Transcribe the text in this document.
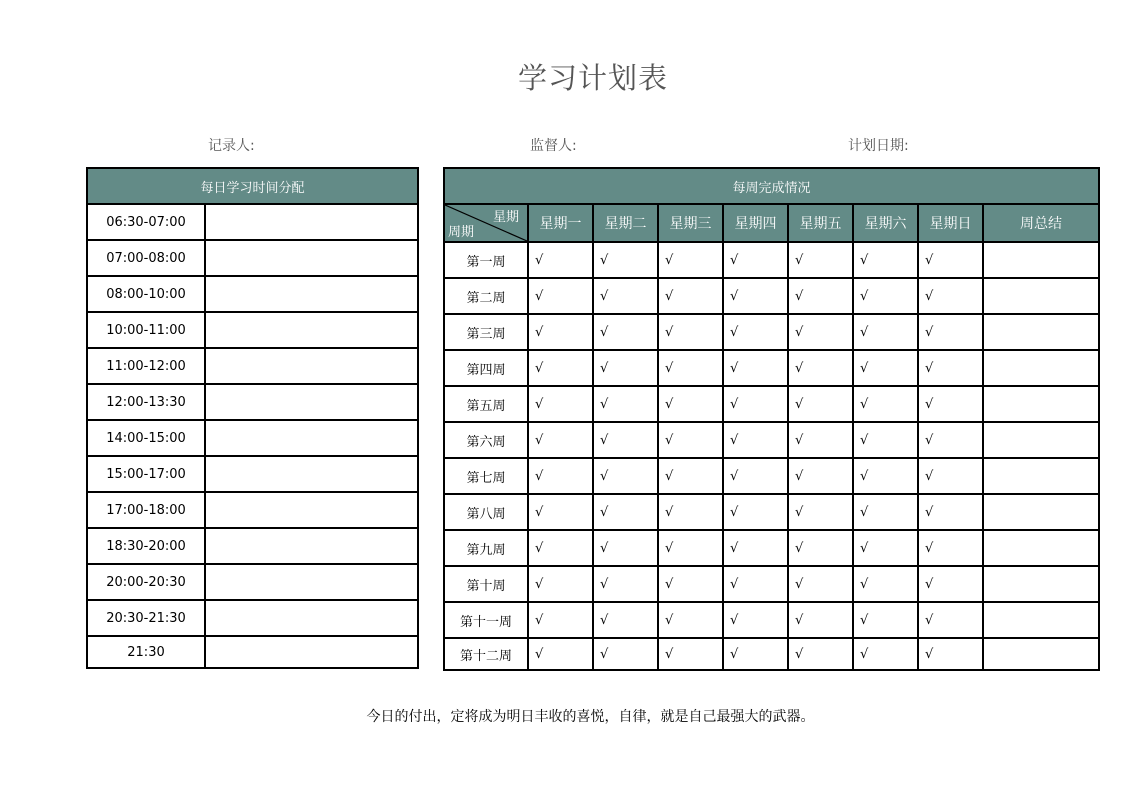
学习计划表
记录人:	监督人:	计划日期:
每日学习时间分配	
06:30-07:00	
07:00-08:00	
08:00-10:00	
10:00-11:00	
11:00-12:00	
12:00-13:30	
14:00-15:00	
15:00-17:00	
17:00-18:00	
18:30-20:00	
20:00-20:30	
20:30-21:30	
21:30	
每周完成情况								

星期
周期	星期一	星期二	星期三	星期四	星期五	星期六	星期日	周总结
第一周	√	√	√	√	√	√	√	
第二周	√	√	√	√	√	√	√	
第三周	√	√	√	√	√	√	√	
第四周	√	√	√	√	√	√	√	
第五周	√	√	√	√	√	√	√	
第六周	√	√	√	√	√	√	√	
第七周	√	√	√	√	√	√	√	
第八周	√	√	√	√	√	√	√	
第九周	√	√	√	√	√	√	√	
第十周	√	√	√	√	√	√	√	
第十一周	√	√	√	√	√	√	√	
第十二周	√	√	√	√	√	√	√	
今日的付出，定将成为明日丰收的喜悦，自律，就是自己最强大的武器。
